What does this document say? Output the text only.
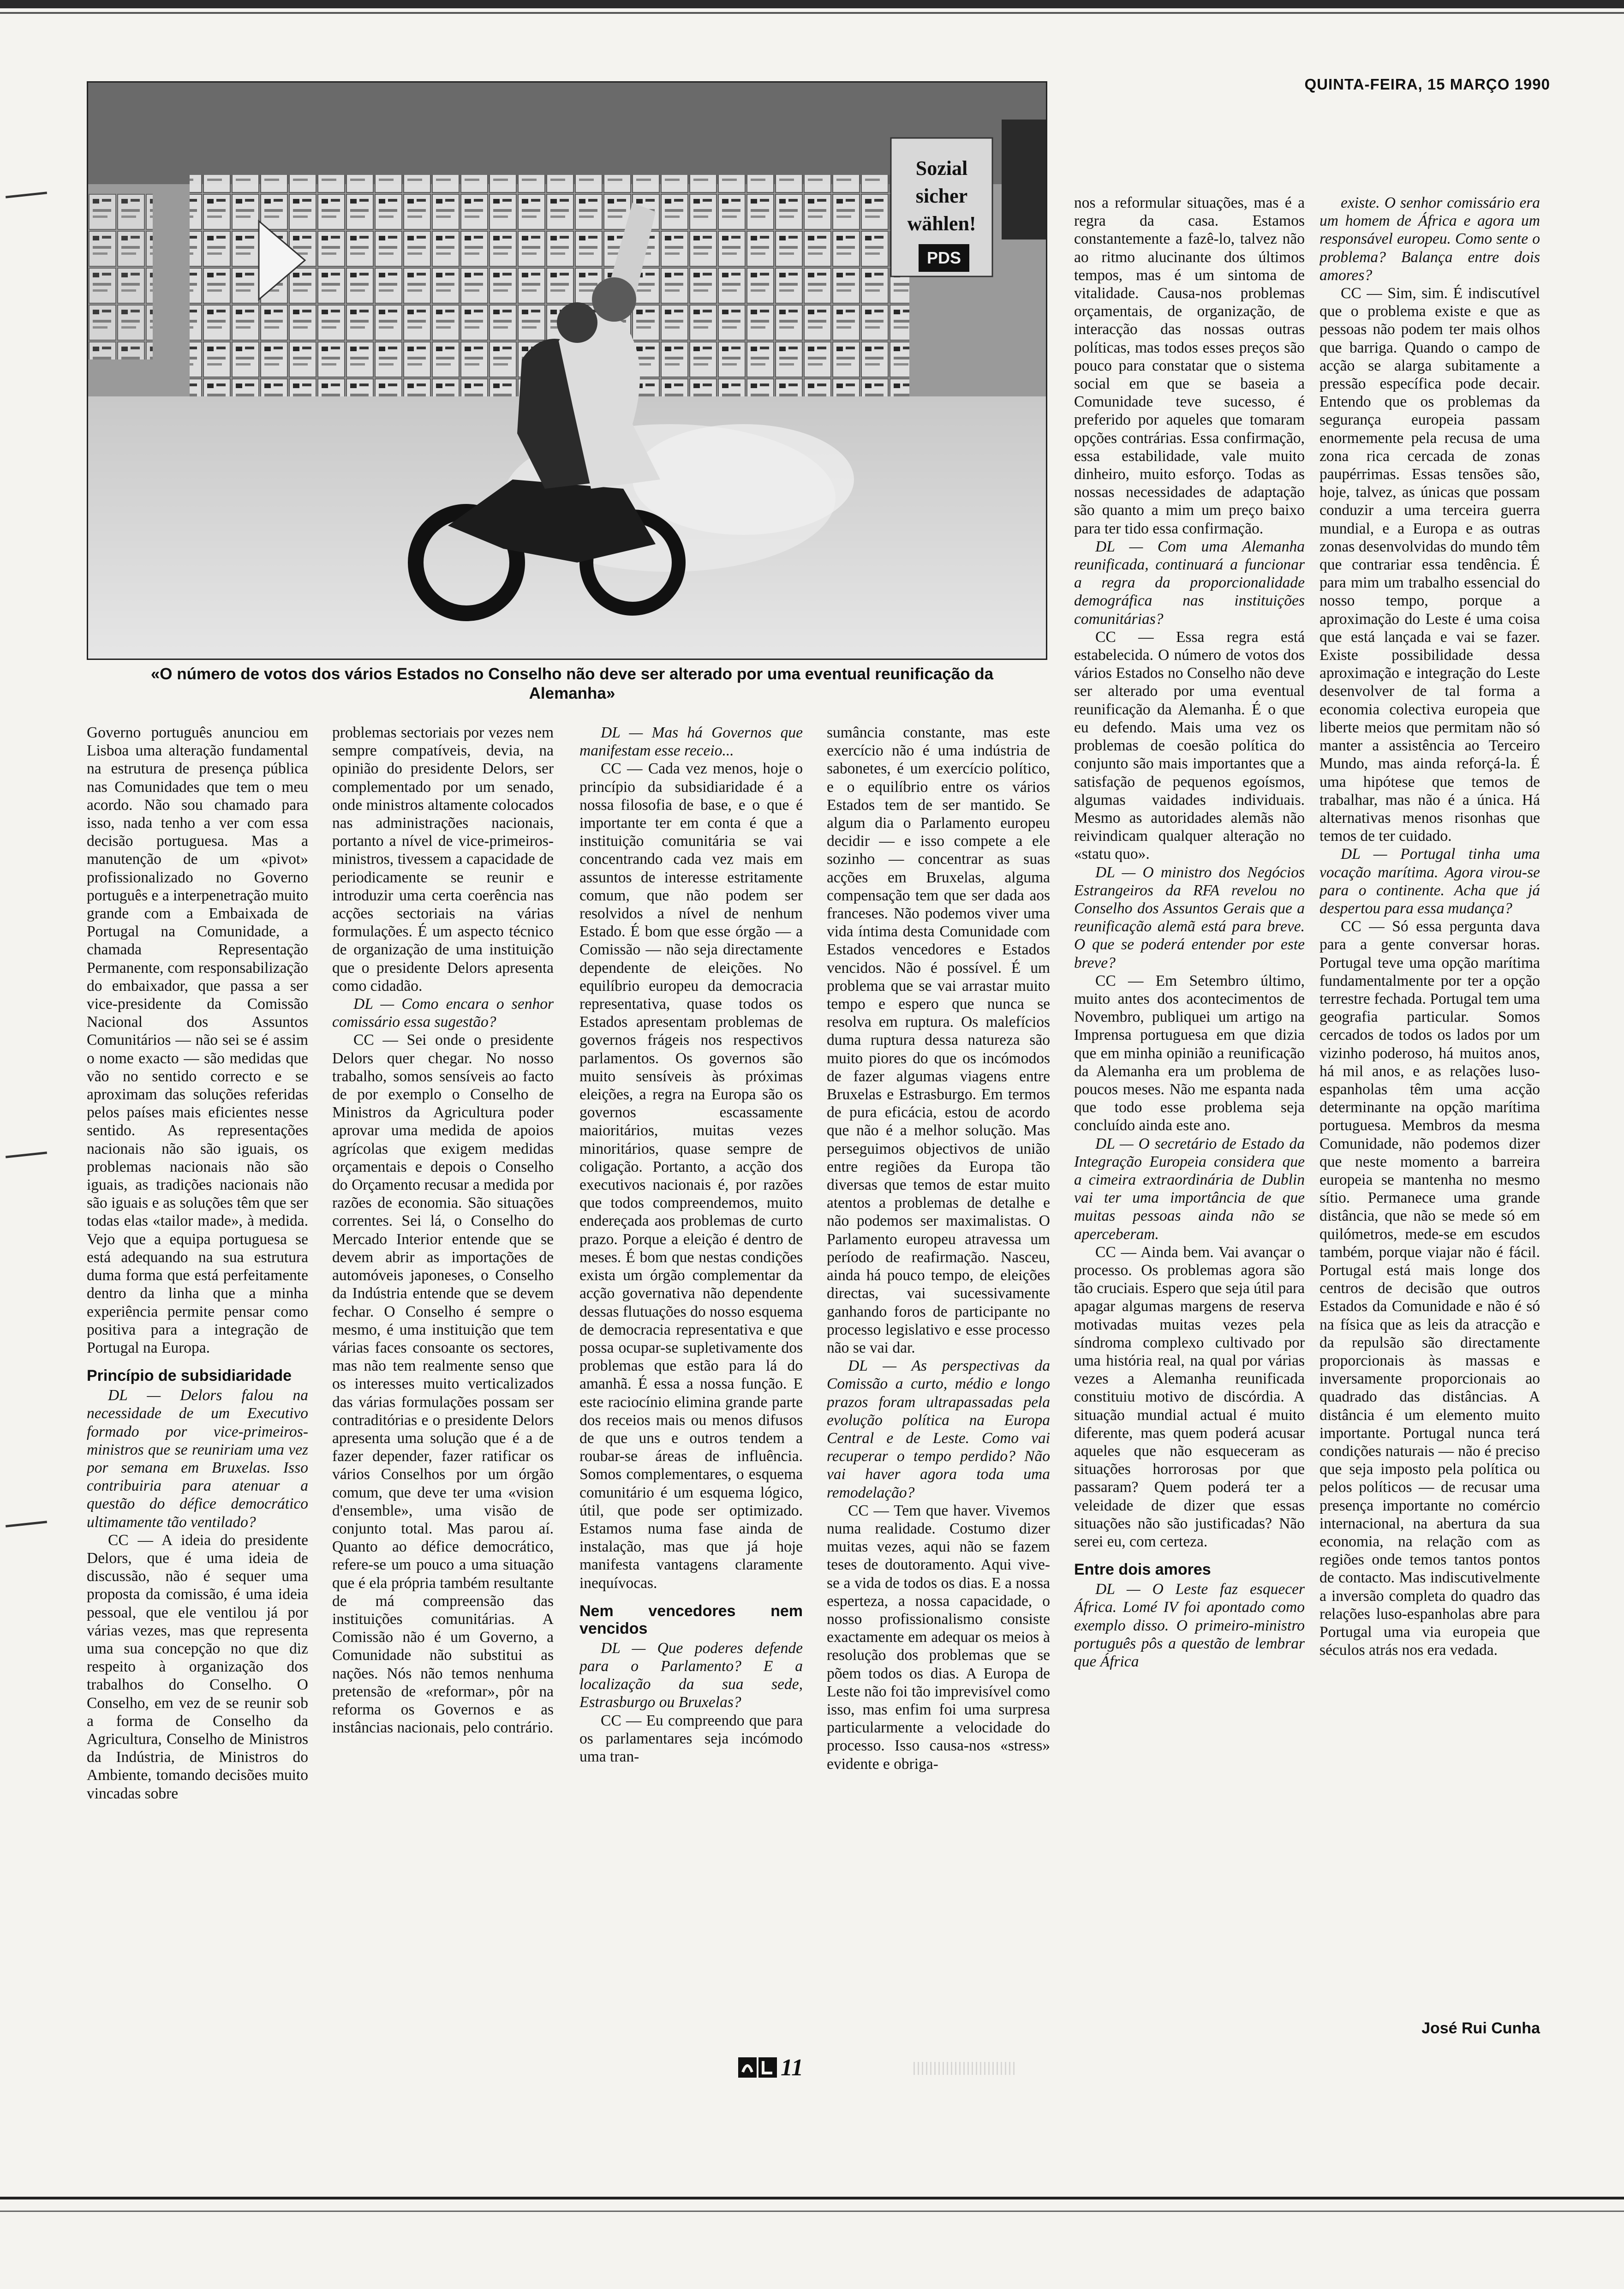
QUINTA-FEIRA, 15 MARÇO 1990
Sozial
sicher
wählen!
PDS
«O número de votos dos vários Estados no Conselho não deve ser alterado por uma eventual reunificação da Alemanha»

Governo português anunciou em Lisboa uma alteração fundamental na estrutura de presença pública nas Comunidades que tem o meu acordo. Não sou chamado para isso, nada tenho a ver com essa decisão portuguesa. Mas a manutenção de um «pivot» profissionalizado no Governo português e a interpenetração muito grande com a Embaixada de Portugal na Comunidade, a chamada Representação Permanente, com responsabilização do embaixador, que passa a ser vice-presidente da Comissão Nacional dos Assuntos Comunitários — não sei se é assim o nome exacto — são medidas que vão no sentido correcto e se aproximam das soluções referidas pelos países mais eficientes nesse sentido. As representações nacionais não são iguais, os problemas nacionais não são iguais, as tradições nacionais não são iguais e as soluções têm que ser todas elas «tailor made», à medida. Vejo que a equipa portuguesa se está adequando na sua estrutura duma forma que está perfeitamente dentro da linha que a minha experiência permite pensar como positiva para a integração de Portugal na Europa.

Princípio de subsidiaridade

DL — Delors falou na necessidade de um Executivo formado por vice-primeiros-ministros que se reuniriam uma vez por semana em Bruxelas. Isso contribuiria para atenuar a questão do défice democrático ultimamente tão ventilado?

CC — A ideia do presidente Delors, que é uma ideia de discussão, não é sequer uma proposta da comissão, é uma ideia pessoal, que ele ventilou já por várias vezes, mas que representa uma sua concepção no que diz respeito à organização dos trabalhos do Conselho. O Conselho, em vez de se reunir sob a forma de Conselho da Agricultura, Conselho de Ministros da Indústria, de Ministros do Ambiente, tomando decisões muito vincadas sobre

problemas sectoriais por vezes nem sempre compatíveis, devia, na opinião do presidente Delors, ser complementado por um senado, onde ministros altamente colocados nas administrações nacionais, portanto a nível de vice-primeiros-ministros, tivessem a capacidade de periodicamente se reunir e introduzir uma certa coerência nas acções sectoriais na várias formulações. É um aspecto técnico de organização de uma instituição que o presidente Delors apresenta como cidadão.

DL — Como encara o senhor comissário essa sugestão?

CC — Sei onde o presidente Delors quer chegar. No nosso trabalho, somos sensíveis ao facto de por exemplo o Conselho de Ministros da Agricultura poder aprovar uma medida de apoios agrícolas que exigem medidas orçamentais e depois o Conselho do Orçamento recusar a medida por razões de economia. São situações correntes. Sei lá, o Conselho do Mercado Interior entende que se devem abrir as importações de automóveis japoneses, o Conselho da Indústria entende que se devem fechar. O Conselho é sempre o mesmo, é uma instituição que tem várias faces consoante os sectores, mas não tem realmente senso que os interesses muito verticalizados das várias formulações possam ser contraditórias e o presidente Delors apresenta uma solução que é a de fazer depender, fazer ratificar os vários Conselhos por um órgão comum, que deve ter uma «vision d'ensemble», uma visão de conjunto total. Mas parou aí. Quanto ao défice democrático, refere-se um pouco a uma situação que é ela própria também resultante de má compreensão das instituições comunitárias. A Comissão não é um Governo, a Comunidade não substitui as nações. Nós não temos nenhuma pretensão de «reformar», pôr na reforma os Governos e as instâncias nacionais, pelo contrário.

DL — Mas há Governos que manifestam esse receio...

CC — Cada vez menos, hoje o princípio da subsidiaridade é a nossa filosofia de base, e o que é importante ter em conta é que a instituição comunitária se vai concentrando cada vez mais em assuntos de interesse estritamente comum, que não podem ser resolvidos a nível de nenhum Estado. É bom que esse órgão — a Comissão — não seja directamente dependente de eleições. No equilíbrio europeu da democracia representativa, quase todos os Estados apresentam problemas de governos frágeis nos respectivos parlamentos. Os governos são muito sensíveis às próximas eleições, a regra na Europa são os governos escassamente maioritários, muitas vezes minoritários, quase sempre de coligação. Portanto, a acção dos executivos nacionais é, por razões que todos compreendemos, muito endereçada aos problemas de curto prazo. Porque a eleição é dentro de meses. É bom que nestas condições exista um órgão complementar da acção governativa não dependente dessas flutuações do nosso esquema de democracia representativa e que possa ocupar-se supletivamente dos problemas que estão para lá do amanhã. É essa a nossa função. E este raciocínio elimina grande parte dos receios mais ou menos difusos de que uns e outros tendem a roubar-se áreas de influência. Somos complementares, o esquema comunitário é um esquema lógico, útil, que pode ser optimizado. Estamos numa fase ainda de instalação, mas que já hoje manifesta vantagens claramente inequívocas.

Nem vencedores nem vencidos

DL — Que poderes defende para o Parlamento? E a localização da sua sede, Estrasburgo ou Bruxelas?

CC — Eu compreendo que para os parlamentares seja incómodo uma tran-

sumância constante, mas este exercício não é uma indústria de sabonetes, é um exercício político, e o equilíbrio entre os vários Estados tem de ser mantido. Se algum dia o Parlamento europeu decidir — e isso compete a ele sozinho — concentrar as suas acções em Bruxelas, alguma compensação tem que ser dada aos franceses. Não podemos viver uma vida íntima desta Comunidade com Estados vencedores e Estados vencidos. Não é possível. É um problema que se vai arrastar muito tempo e espero que nunca se resolva em ruptura. Os malefícios duma ruptura dessa natureza são muito piores do que os incómodos de fazer algumas viagens entre Bruxelas e Estrasburgo. Em termos de pura eficácia, estou de acordo que não é a melhor solução. Mas perseguimos objectivos de união entre regiões da Europa tão diversas que temos de estar muito atentos a problemas de detalhe e não podemos ser maximalistas. O Parlamento europeu atravessa um período de reafirmação. Nasceu, ainda há pouco tempo, de eleições directas, vai sucessivamente ganhando foros de participante no processo legislativo e esse processo não se vai dar.

DL — As perspectivas da Comissão a curto, médio e longo prazos foram ultrapassadas pela evolução política na Europa Central e de Leste. Como vai recuperar o tempo perdido? Não vai haver agora toda uma remodelação?

CC — Tem que haver. Vivemos numa realidade. Costumo dizer muitas vezes, aqui não se fazem teses de doutoramento. Aqui vive-se a vida de todos os dias. E a nossa esperteza, a nossa capacidade, o nosso profissionalismo consiste exactamente em adequar os meios à resolução dos problemas que se põem todos os dias. A Europa de Leste não foi tão imprevisível como isso, mas enfim foi uma surpresa particularmente a velocidade do processo. Isso causa-nos «stress» evidente e obriga-

nos a reformular situações, mas é a regra da casa. Estamos constantemente a fazê-lo, talvez não ao ritmo alucinante dos últimos tempos, mas é um sintoma de vitalidade. Causa-nos problemas orçamentais, de organização, de interacção das nossas outras políticas, mas todos esses preços são pouco para constatar que o sistema social em que se baseia a Comunidade teve sucesso, é preferido por aqueles que tomaram opções contrárias. Essa confirmação, essa estabilidade, vale muito dinheiro, muito esforço. Todas as nossas necessidades de adaptação são quanto a mim um preço baixo para ter tido essa confirmação.

DL — Com uma Alemanha reunificada, continuará a funcionar a regra da proporcionalidade demográfica nas instituições comunitárias?

CC — Essa regra está estabelecida. O número de votos dos vários Estados no Conselho não deve ser alterado por uma eventual reunificação da Alemanha. É o que eu defendo. Mais uma vez os problemas de coesão política do conjunto são mais importantes que a satisfação de pequenos egoísmos, algumas vaidades individuais. Mesmo as autoridades alemãs não reivindicam qualquer alteração no «statu quo».

DL — O ministro dos Negócios Estrangeiros da RFA revelou no Conselho dos Assuntos Gerais que a reunificação alemã está para breve. O que se poderá entender por este breve?

CC — Em Setembro último, muito antes dos acontecimentos de Novembro, publiquei um artigo na Imprensa portuguesa em que dizia que em minha opinião a reunificação da Alemanha era um problema de poucos meses. Não me espanta nada que todo esse problema seja concluído ainda este ano.

DL — O secretário de Estado da Integração Europeia considera que a cimeira extraordinária de Dublin vai ter uma importância de que muitas pessoas ainda não se aperceberam.

CC — Ainda bem. Vai avançar o processo. Os problemas agora são tão cruciais. Espero que seja útil para apagar algumas margens de reserva motivadas muitas vezes pela síndroma complexo cultivado por uma história real, na qual por várias vezes a Alemanha reunificada constituiu motivo de discórdia. A situação mundial actual é muito diferente, mas quem poderá acusar aqueles que não esqueceram as situações horrorosas por que passaram? Quem poderá ter a veleidade de dizer que essas situações não são justificadas? Não serei eu, com certeza.

Entre dois amores

DL — O Leste faz esquecer África. Lomé IV foi apontado como exemplo disso. O primeiro-ministro português pôs a questão de lembrar que África

existe. O senhor comissário era um homem de África e agora um responsável europeu. Como sente o problema? Balança entre dois amores?

CC — Sim, sim. É indiscutível que o problema existe e que as pessoas não podem ter mais olhos que barriga. Quando o campo de acção se alarga subitamente a pressão específica pode decair. Entendo que os problemas da segurança europeia passam enormemente pela recusa de uma zona rica cercada de zonas paupérrimas. Essas tensões são, hoje, talvez, as únicas que possam conduzir a uma terceira guerra mundial, e a Europa e as outras zonas desenvolvidas do mundo têm que contrariar essa tendência. É para mim um trabalho essencial do nosso tempo, porque a aproximação do Leste é uma coisa que está lançada e vai se fazer. Existe possibilidade dessa aproximação e integração do Leste desenvolver de tal forma a economia colectiva europeia que liberte meios que permitam não só manter a assistência ao Terceiro Mundo, mas ainda reforçá-la. É uma hipótese que temos de trabalhar, mas não é a única. Há alternativas menos risonhas que temos de ter cuidado.

DL — Portugal tinha uma vocação marítima. Agora virou-se para o continente. Acha que já despertou para essa mudança?

CC — Só essa pergunta dava para a gente conversar horas. Portugal teve uma opção marítima fundamentalmente por ter a opção terrestre fechada. Portugal tem uma geografia particular. Somos cercados de todos os lados por um vizinho poderoso, há muitos anos, há mil anos, e as relações luso-espanholas têm uma acção determinante na opção marítima portuguesa. Membros da mesma Comunidade, não podemos dizer que neste momento a barreira europeia se mantenha no mesmo sítio. Permanece uma grande distância, que não se mede só em quilómetros, mede-se em escudos também, porque viajar não é fácil. Portugal está mais longe dos centros de decisão que outros Estados da Comunidade e não é só na física que as leis da atracção e da repulsão são directamente proporcionais às massas e inversamente proporcionais ao quadrado das distâncias. A distância é um elemento muito importante. Portugal nunca terá condições naturais — não é preciso que seja imposto pela política ou pelos políticos — de recusar uma presença importante no comércio internacional, na abertura da sua economia, na relação com as regiões onde temos tantos pontos de contacto. Mas indiscutivelmente a inversão completa do quadro das relações luso-espanholas abre para Portugal uma via europeia que séculos atrás nos era vedada.

José Rui Cunha
11
